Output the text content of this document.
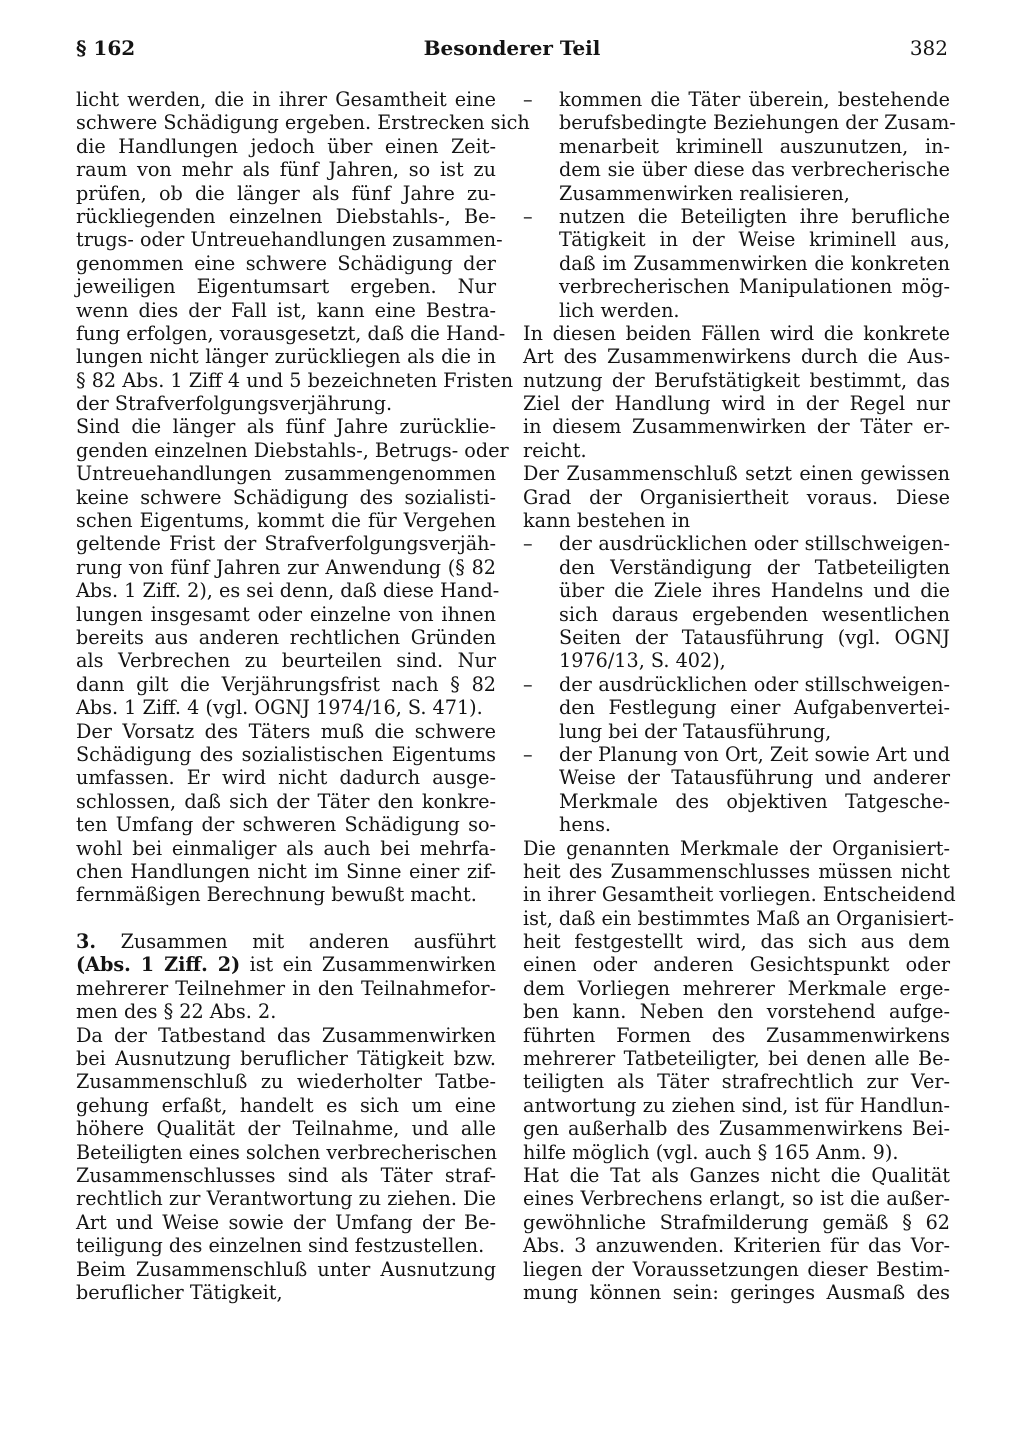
§ 162	Besonderer Teil	382
licht werden, die in ihrer Gesamtheit eine
schwere Schädigung ergeben. Erstrecken sich
die Handlungen jedoch über einen Zeit-
raum von mehr als fünf Jahren, so ist zu
prüfen, ob die länger als fünf Jahre zu-
rückliegenden einzelnen Diebstahls-, Be-
trugs- oder Untreuehandlungen zusammen-
genommen eine schwere Schädigung der
jeweiligen Eigentumsart ergeben. Nur
wenn dies der Fall ist, kann eine Bestra-
fung erfolgen, vorausgesetzt, daß die Hand-
lungen nicht länger zurückliegen als die in
§ 82 Abs. 1 Ziff 4 und 5 bezeichneten Fristen
der Strafverfolgungsverjährung.
Sind die länger als fünf Jahre zurücklie-
genden einzelnen Diebstahls-, Betrugs- oder
Untreuehandlungen zusammengenommen
keine schwere Schädigung des sozialisti-
schen Eigentums, kommt die für Vergehen
geltende Frist der Strafverfolgungsverjäh-
rung von fünf Jahren zur Anwendung (§ 82
Abs. 1 Ziff. 2), es sei denn, daß diese Hand-
lungen insgesamt oder einzelne von ihnen
bereits aus anderen rechtlichen Gründen
als Verbrechen zu beurteilen sind. Nur
dann gilt die Verjährungsfrist nach § 82
Abs. 1 Ziff. 4 (vgl. OGNJ 1974/16, S. 471).
Der Vorsatz des Täters muß die schwere
Schädigung des sozialistischen Eigentums
umfassen. Er wird nicht dadurch ausge-
schlossen, daß sich der Täter den konkre-
ten Umfang der schweren Schädigung so-
wohl bei einmaliger als auch bei mehrfa-
chen Handlungen nicht im Sinne einer zif-
fernmäßigen Berechnung bewußt macht.
3. Zusammen mit anderen ausführt
(Abs. 1 Ziff. 2) ist ein Zusammenwirken
mehrerer Teilnehmer in den Teilnahmefor-
men des § 22 Abs. 2.
Da der Tatbestand das Zusammenwirken
bei Ausnutzung beruflicher Tätigkeit bzw.
Zusammenschluß zu wiederholter Tatbe-
gehung erfaßt, handelt es sich um eine
höhere Qualität der Teilnahme, und alle
Beteiligten eines solchen verbrecherischen
Zusammenschlusses sind als Täter straf-
rechtlich zur Verantwortung zu ziehen. Die
Art und Weise sowie der Umfang der Be-
teiligung des einzelnen sind festzustellen.
Beim Zusammenschluß unter Ausnutzung
beruflicher Tätigkeit,
– kommen die Täter überein, bestehende
berufsbedingte Beziehungen der Zusam-
menarbeit kriminell auszunutzen, in-
dem sie über diese das verbrecherische
Zusammenwirken realisieren,
– nutzen die Beteiligten ihre berufliche
Tätigkeit in der Weise kriminell aus,
daß im Zusammenwirken die konkreten
verbrecherischen Manipulationen mög-
lich werden.
In diesen beiden Fällen wird die konkrete
Art des Zusammenwirkens durch die Aus-
nutzung der Berufstätigkeit bestimmt, das
Ziel der Handlung wird in der Regel nur
in diesem Zusammenwirken der Täter er-
reicht.
Der Zusammenschluß setzt einen gewissen
Grad der Organisiertheit voraus. Diese
kann bestehen in
– der ausdrücklichen oder stillschweigen-
den Verständigung der Tatbeteiligten
über die Ziele ihres Handelns und die
sich daraus ergebenden wesentlichen
Seiten der Tatausführung (vgl. OGNJ
1976/13, S. 402),
– der ausdrücklichen oder stillschweigen-
den Festlegung einer Aufgabenvertei-
lung bei der Tatausführung,
– der Planung von Ort, Zeit sowie Art und
Weise der Tatausführung und anderer
Merkmale des objektiven Tatgesche-
hens.
Die genannten Merkmale der Organisiert-
heit des Zusammenschlusses müssen nicht
in ihrer Gesamtheit vorliegen. Entscheidend
ist, daß ein bestimmtes Maß an Organisiert-
heit festgestellt wird, das sich aus dem
einen oder anderen Gesichtspunkt oder
dem Vorliegen mehrerer Merkmale erge-
ben kann. Neben den vorstehend aufge-
führten Formen des Zusammenwirkens
mehrerer Tatbeteiligter, bei denen alle Be-
teiligten als Täter strafrechtlich zur Ver-
antwortung zu ziehen sind, ist für Handlun-
gen außerhalb des Zusammenwirkens Bei-
hilfe möglich (vgl. auch § 165 Anm. 9).
Hat die Tat als Ganzes nicht die Qualität
eines Verbrechens erlangt, so ist die außer-
gewöhnliche Strafmilderung gemäß § 62
Abs. 3 anzuwenden. Kriterien für das Vor-
liegen der Voraussetzungen dieser Bestim-
mung können sein: geringes Ausmaß des
